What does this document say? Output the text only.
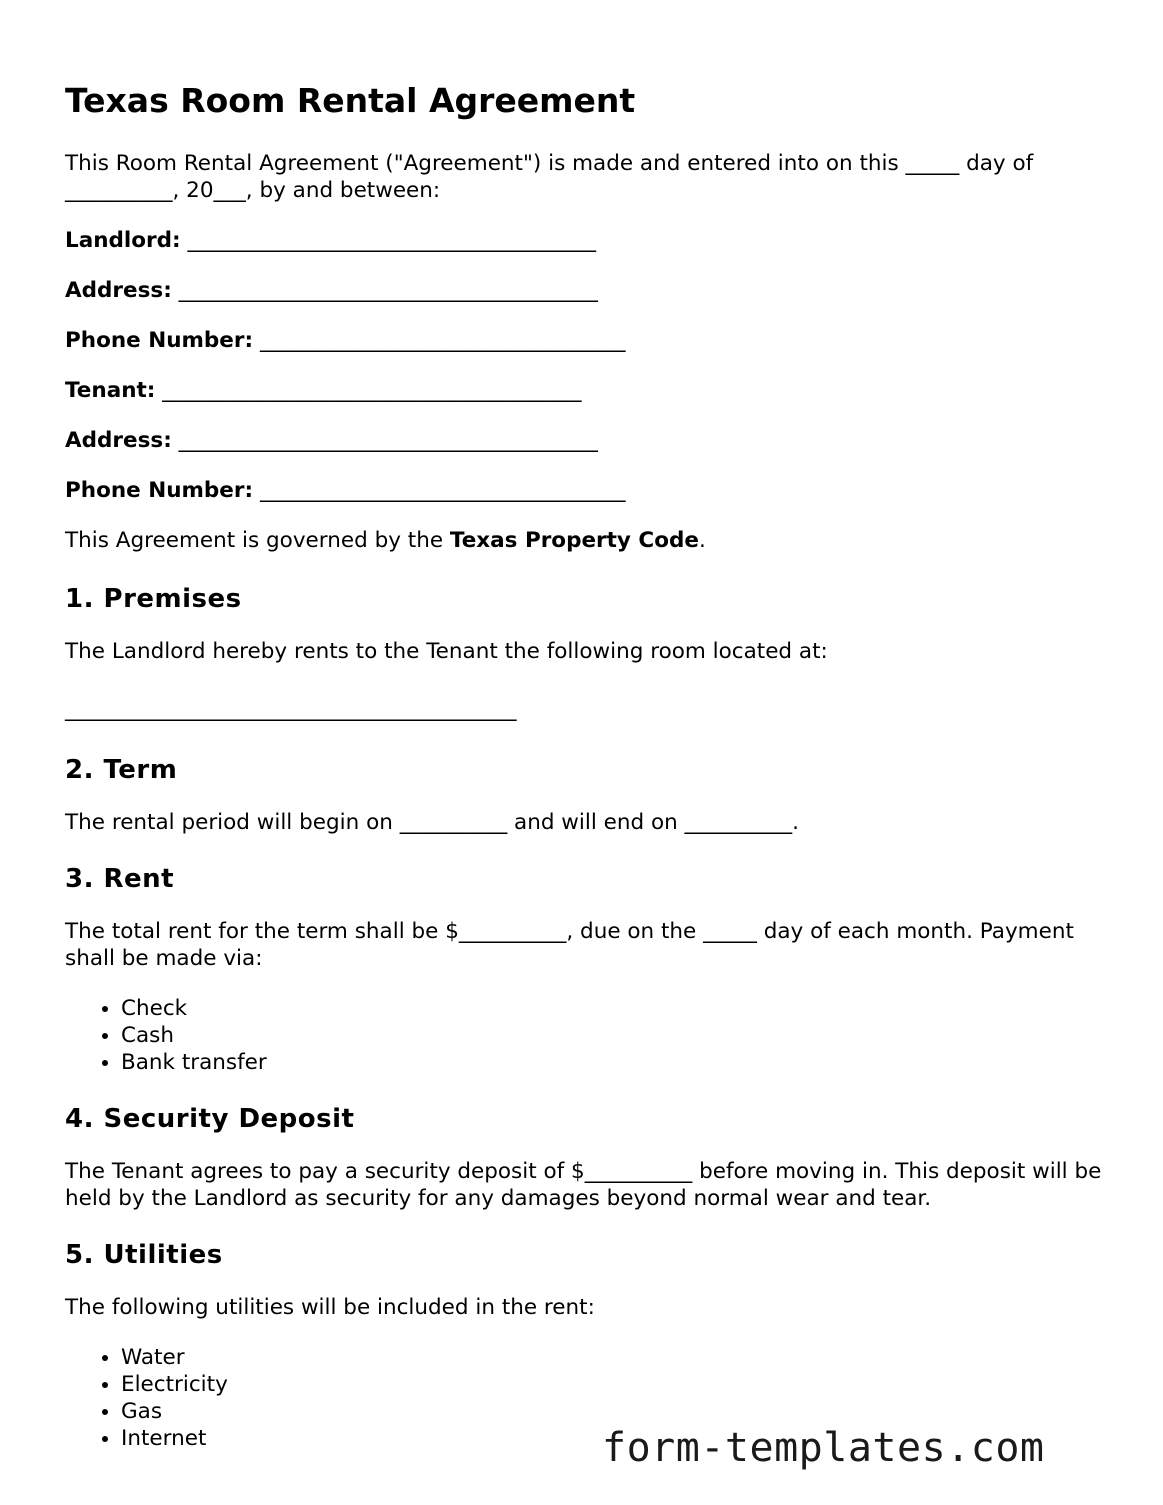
Texas Room Rental Agreement

This Room Rental Agreement ("Agreement") is made and entered into on this _____ day of __________, 20___, by and between:

Landlord: ______________________________________
Address: _______________________________________
Phone Number: __________________________________
Tenant: _______________________________________
Address: _______________________________________
Phone Number: __________________________________

This Agreement is governed by the Texas Property Code.

1. Premises

The Landlord hereby rents to the Tenant the following room located at:

__________________________________________
2. Term

The rental period will begin on __________ and will end on __________.

3. Rent

The total rent for the term shall be $__________, due on the _____ day of each month. Payment shall be made via:

• Check
• Cash
• Bank transfer
4. Security Deposit

The Tenant agrees to pay a security deposit of $__________ before moving in. This deposit will be held by the Landlord as security for any damages beyond normal wear and tear.

5. Utilities

The following utilities will be included in the rent:

• Water
• Electricity
• Gas
• Internet	form-templates.com
